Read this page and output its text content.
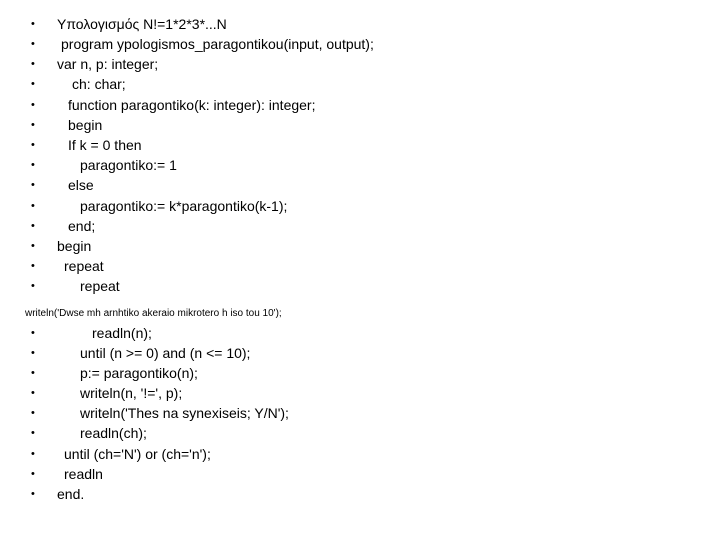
• Υπολογισμός Ν!=1*2*3*...N
• program ypologismos_paragontikou(input, output);
• var n, p: integer;
•	ch: char;
• function paragontiko(k: integer): integer;
• begin
• If k = 0 then
•	paragontiko:= 1
• else
•	paragontiko:= k*paragontiko(k-1);
• end;
• begin
• repeat
•	repeat
writeln('Dwse mh arnhtiko akeraio mikrotero h iso tou 10');
•	readln(n);
•	until (n >= 0) and (n <= 10);
•	p:= paragontiko(n);
•	writeln(n, '!=', p);
•	writeln('Thes na synexiseis; Y/N');
•	readln(ch);
• until (ch='N') or (ch='n');
• readln
• end.
